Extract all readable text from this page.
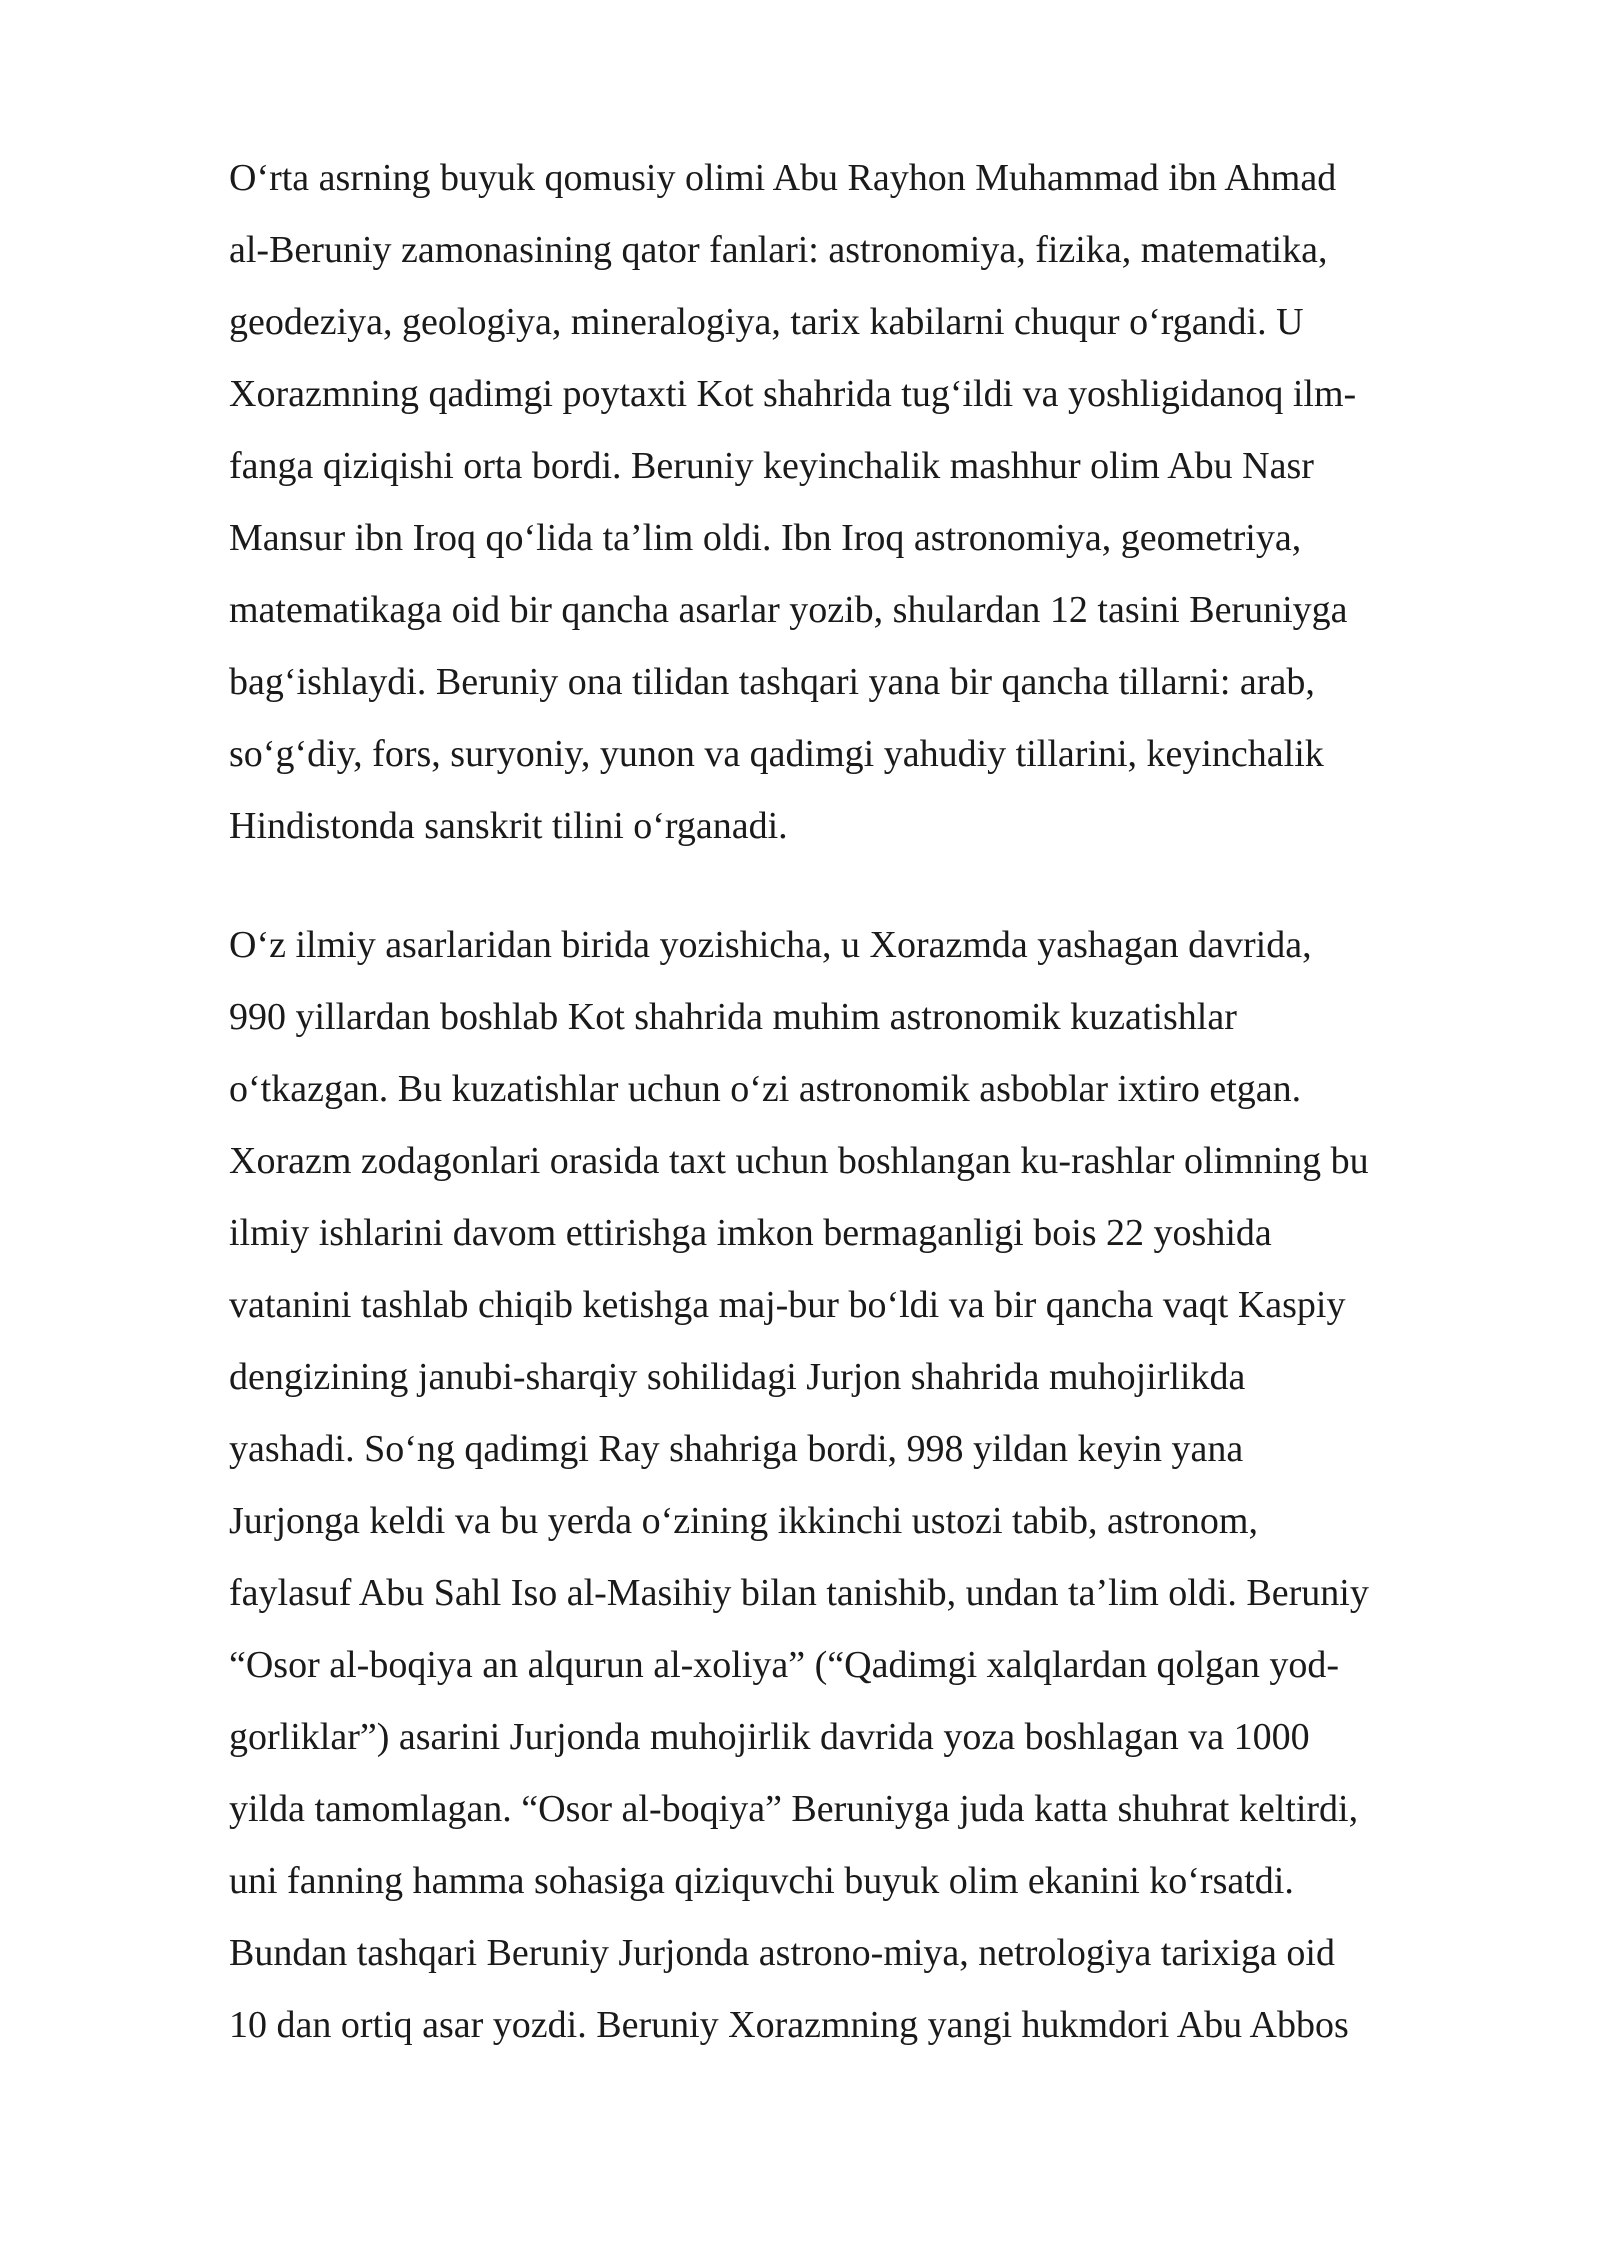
O‘rta asrning buyuk qomusiy olimi Abu Rayhon Muhammad ibn Ahmad
al-Beruniy zamonasining qator fanlari: astronomiya, fizika, matematika,
geodeziya, geologiya, mineralogiya, tarix kabilarni chuqur o‘rgandi. U
Xorazmning qadimgi poytaxti Kot shahrida tug‘ildi va yoshligidanoq ilm-
fanga qiziqishi orta bordi. Beruniy keyinchalik mashhur olim Abu Nasr
Mansur ibn Iroq qo‘lida ta’lim oldi. Ibn Iroq astronomiya, geometriya,
matematikaga oid bir qancha asarlar yozib, shulardan 12 tasini Beruniyga
bag‘ishlaydi. Beruniy ona tilidan tashqari yana bir qancha tillarni: arab,
so‘g‘diy, fors, suryoniy, yunon va qadimgi yahudiy tillarini, keyinchalik
Hindistonda sanskrit tilini o‘rganadi.
O‘z ilmiy asarlaridan birida yozishicha, u Xorazmda yashagan davrida,
990 yillardan boshlab Kot shahrida muhim astronomik kuzatishlar
o‘tkazgan. Bu kuzatishlar uchun o‘zi astronomik asboblar ixtiro etgan.
Xorazm zodagonlari orasida taxt uchun boshlangan ku-rashlar olimning bu
ilmiy ishlarini davom ettirishga imkon bermaganligi bois 22 yoshida
vatanini tashlab chiqib ketishga maj-bur bo‘ldi va bir qancha vaqt Kaspiy
dengizining janubi-sharqiy sohilidagi Jurjon shahrida muhojirlikda
yashadi. So‘ng qadimgi Ray shahriga bordi, 998 yildan keyin yana
Jurjonga keldi va bu yerda o‘zining ikkinchi ustozi tabib, astronom,
faylasuf Abu Sahl Iso al-Masihiy bilan tanishib, undan ta’lim oldi. Beruniy
“Osor al-boqiya an alqurun al-xoliya” (“Qadimgi xalqlardan qolgan yod-
gorliklar”) asarini Jurjonda muhojirlik davrida yoza boshlagan va 1000
yilda tamomlagan. “Osor al-boqiya” Beruniyga juda katta shuhrat keltirdi,
uni fanning hamma sohasiga qiziquvchi buyuk olim ekanini ko‘rsatdi.
Bundan tashqari Beruniy Jurjonda astrono-miya, netrologiya tarixiga oid
10 dan ortiq asar yozdi. Beruniy Xorazmning yangi hukmdori Abu Abbos
